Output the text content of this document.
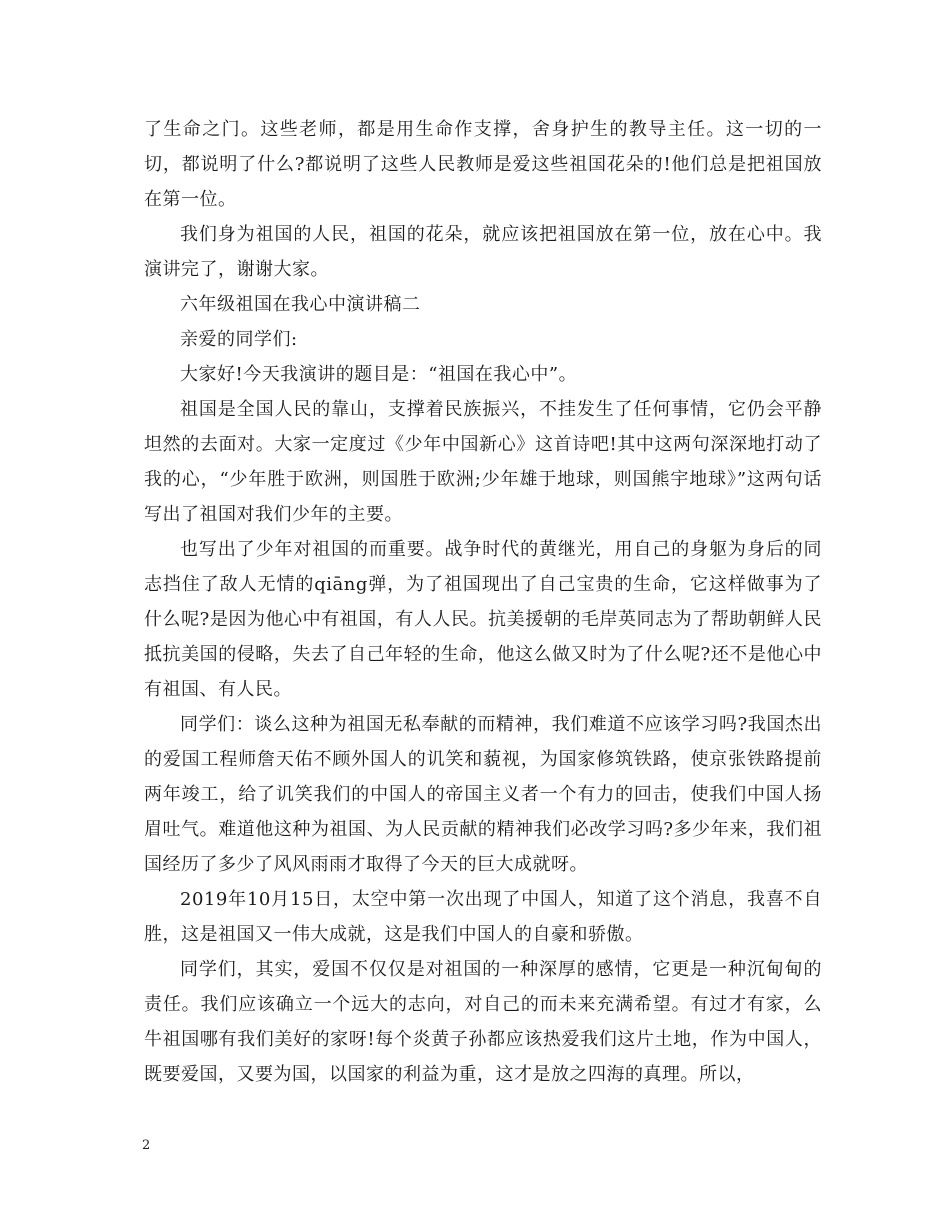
了生命之门。这些老师，都是用生命作支撑，舍身护生的教导主任。这一切的一切，都说明了什么?都说明了这些人民教师是爱这些祖国花朵的!他们总是把祖国放在第一位。

我们身为祖国的人民，祖国的花朵，就应该把祖国放在第一位，放在心中。我演讲完了，谢谢大家。

六年级祖国在我心中演讲稿二

亲爱的同学们:

大家好!今天我演讲的题目是：“祖国在我心中”。

祖国是全国人民的靠山，支撑着民族振兴，不挂发生了任何事情，它仍会平静坦然的去面对。大家一定度过《少年中国新心》这首诗吧!其中这两句深深地打动了我的心，“少年胜于欧洲，则国胜于欧洲;少年雄于地球，则国熊宇地球》”这两句话写出了祖国对我们少年的主要。

也写出了少年对祖国的而重要。战争时代的黄继光，用自己的身躯为身后的同志挡住了敌人无情的qiāng弹，为了祖国现出了自己宝贵的生命，它这样做事为了什么呢?是因为他心中有祖国，有人人民。抗美援朝的毛岸英同志为了帮助朝鲜人民抵抗美国的侵略，失去了自己年轻的生命，他这么做又时为了什么呢?还不是他心中有祖国、有人民。

同学们：谈么这种为祖国无私奉献的而精神，我们难道不应该学习吗?我国杰出的爱国工程师詹天佑不顾外国人的讥笑和藐视，为国家修筑铁路，使京张铁路提前两年竣工，给了讥笑我们的中国人的帝国主义者一个有力的回击，使我们中国人扬眉吐气。难道他这种为祖国、为人民贡献的精神我们必改学习吗?多少年来，我们祖国经历了多少了风风雨雨才取得了今天的巨大成就呀。

2019年10月15日，太空中第一次出现了中国人，知道了这个消息，我喜不自胜，这是祖国又一伟大成就，这是我们中国人的自豪和骄傲。

同学们，其实，爱国不仅仅是对祖国的一种深厚的感情，它更是一种沉甸甸的责任。我们应该确立一个远大的志向，对自己的而未来充满希望。有过才有家，么牛祖国哪有我们美好的家呀!每个炎黄子孙都应该热爱我们这片土地，作为中国人，既要爱国，又要为国，以国家的利益为重，这才是放之四海的真理。所以，

2
